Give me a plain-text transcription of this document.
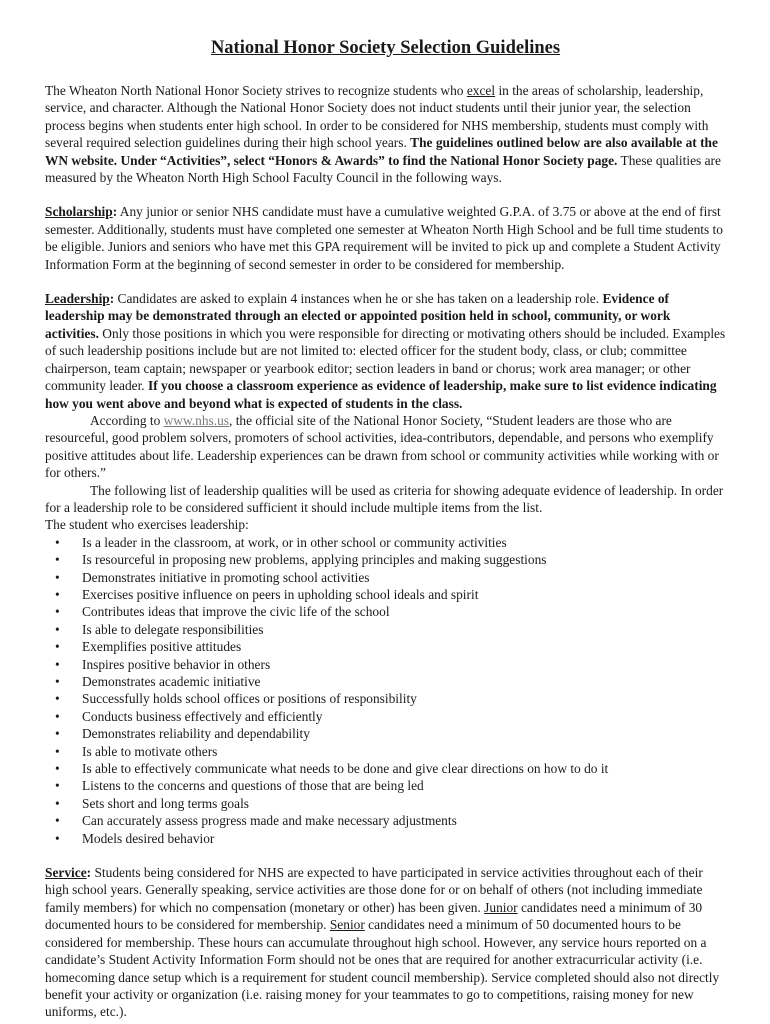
National Honor Society Selection Guidelines

The Wheaton North National Honor Society strives to recognize students who excel in the areas of scholarship, leadership, service, and character. Although the National Honor Society does not induct students until their junior year, the selection process begins when students enter high school. In order to be considered for NHS membership, students must comply with several required selection guidelines during their high school years. The guidelines outlined below are also available at the WN website. Under “Activities”, select “Honors & Awards” to find the National Honor Society page. These qualities are measured by the Wheaton North High School Faculty Council in the following ways.

Scholarship: Any junior or senior NHS candidate must have a cumulative weighted G.P.A. of 3.75 or above at the end of first semester. Additionally, students must have completed one semester at Wheaton North High School and be full time students to be eligible. Juniors and seniors who have met this GPA requirement will be invited to pick up and complete a Student Activity Information Form at the beginning of second semester in order to be considered for membership.

Leadership: Candidates are asked to explain 4 instances when he or she has taken on a leadership role. Evidence of leadership may be demonstrated through an elected or appointed position held in school, community, or work activities. Only those positions in which you were responsible for directing or motivating others should be included. Examples of such leadership positions include but are not limited to: elected officer for the student body, class, or club; committee chairperson, team captain; newspaper or yearbook editor; section leaders in band or chorus; work area manager; or other community leader. If you choose a classroom experience as evidence of leadership, make sure to list evidence indicating how you went above and beyond what is expected of students in the class.

According to www.nhs.us, the official site of the National Honor Society, “Student leaders are those who are resourceful, good problem solvers, promoters of school activities, idea-contributors, dependable, and persons who exemplify positive attitudes about life. Leadership experiences can be drawn from school or community activities while working with or for others.”

The following list of leadership qualities will be used as criteria for showing adequate evidence of leadership. In order for a leadership role to be considered sufficient it should include multiple items from the list.

The student who exercises leadership:

• Is a leader in the classroom, at work, or in other school or community activities
• Is resourceful in proposing new problems, applying principles and making suggestions
• Demonstrates initiative in promoting school activities
• Exercises positive influence on peers in upholding school ideals and spirit
• Contributes ideas that improve the civic life of the school
• Is able to delegate responsibilities
• Exemplifies positive attitudes
• Inspires positive behavior in others
• Demonstrates academic initiative
• Successfully holds school offices or positions of responsibility
• Conducts business effectively and efficiently
• Demonstrates reliability and dependability
• Is able to motivate others
• Is able to effectively communicate what needs to be done and give clear directions on how to do it
• Listens to the concerns and questions of those that are being led
• Sets short and long terms goals
• Can accurately assess progress made and make necessary adjustments
• Models desired behavior

Service: Students being considered for NHS are expected to have participated in service activities throughout each of their high school years. Generally speaking, service activities are those done for or on behalf of others (not including immediate family members) for which no compensation (monetary or other) has been given. Junior candidates need a minimum of 30 documented hours to be considered for membership. Senior candidates need a minimum of 50 documented hours to be considered for membership. These hours can accumulate throughout high school. However, any service hours reported on a candidate’s Student Activity Information Form should not be ones that are required for another extracurricular activity (i.e. homecoming dance setup which is a requirement for student council membership). Service completed should also not directly benefit your activity or organization (i.e. raising money for your teammates to go to competitions, raising money for new uniforms, etc.).
